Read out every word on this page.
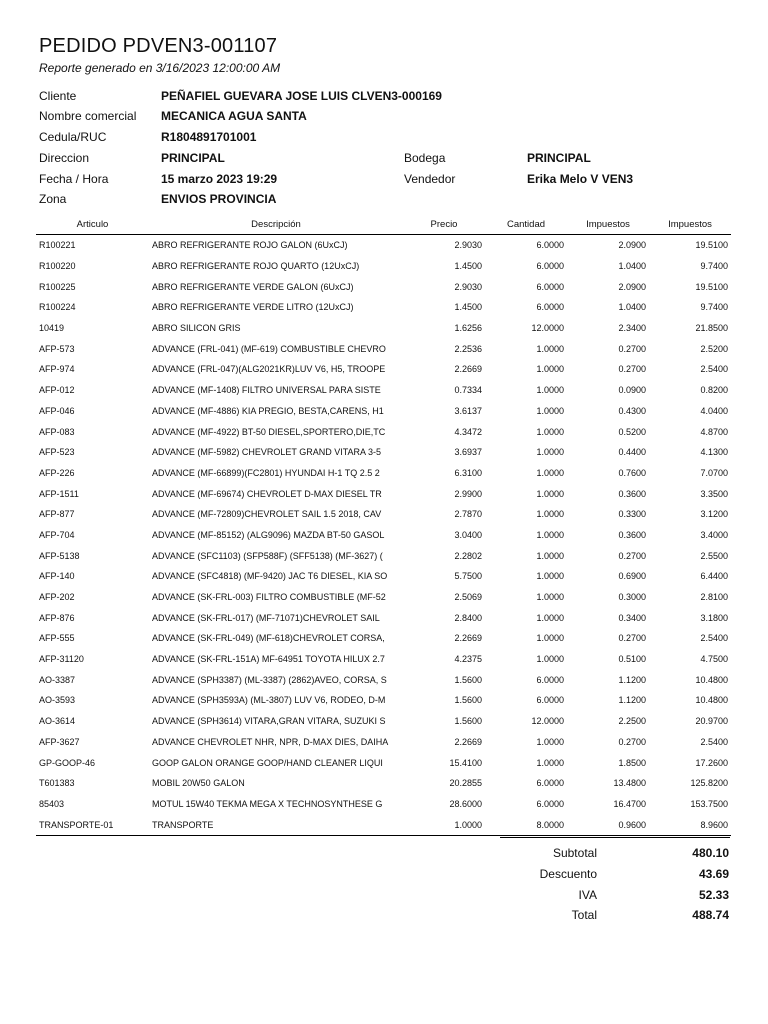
PEDIDO PDVEN3-001107
Reporte generado en 3/16/2023 12:00:00 AM
Cliente	PEÑAFIEL GUEVARA JOSE LUIS CLVEN3-000169
Nombre comercial MECANICA AGUA SANTA
Cedula/RUC	R1804891701001
Direccion	PRINCIPAL	Bodega	PRINCIPAL
Fecha / Hora	15 marzo 2023 19:29	Vendedor	Erika Melo V VEN3
Zona	ENVIOS PROVINCIA
Articulo	Descripción	Precio	Cantidad	Impuestos	Impuestos
R100221	ABRO REFRIGERANTE ROJO GALON (6UxCJ)	2.9030	6.0000	2.0900	19.5100
R100220	ABRO REFRIGERANTE ROJO QUARTO (12UxCJ)	1.4500	6.0000	1.0400	9.7400
R100225	ABRO REFRIGERANTE VERDE GALON (6UxCJ)	2.9030	6.0000	2.0900	19.5100
R100224	ABRO REFRIGERANTE VERDE LITRO (12UxCJ)	1.4500	6.0000	1.0400	9.7400
10419	ABRO SILICON GRIS	1.6256	12.0000	2.3400	21.8500
AFP-573	ADVANCE (FRL-041) (MF-619) COMBUSTIBLE CHEVRO	2.2536	1.0000	0.2700	2.5200
AFP-974	ADVANCE (FRL-047)(ALG2021KR)LUV V6, H5, TROOPE	2.2669	1.0000	0.2700	2.5400
AFP-012	ADVANCE (MF-1408) FILTRO UNIVERSAL PARA SISTE	0.7334	1.0000	0.0900	0.8200
AFP-046	ADVANCE (MF-4886) KIA PREGIO, BESTA,CARENS, H1	3.6137	1.0000	0.4300	4.0400
AFP-083	ADVANCE (MF-4922) BT-50 DIESEL,SPORTERO,DIE,TC	4.3472	1.0000	0.5200	4.8700
AFP-523	ADVANCE (MF-5982) CHEVROLET GRAND VITARA 3-5	3.6937	1.0000	0.4400	4.1300
AFP-226	ADVANCE (MF-66899)(FC2801) HYUNDAI H-1 TQ 2.5 2	6.3100	1.0000	0.7600	7.0700
AFP-1511	ADVANCE (MF-69674) CHEVROLET D-MAX DIESEL TR	2.9900	1.0000	0.3600	3.3500
AFP-877	ADVANCE (MF-72809)CHEVROLET SAIL 1.5 2018, CAV	2.7870	1.0000	0.3300	3.1200
AFP-704	ADVANCE (MF-85152) (ALG9096) MAZDA BT-50 GASOL	3.0400	1.0000	0.3600	3.4000
AFP-5138	ADVANCE (SFC1103) (SFP588F) (SFF5138) (MF-3627) (	2.2802	1.0000	0.2700	2.5500
AFP-140	ADVANCE (SFC4818) (MF-9420) JAC T6 DIESEL, KIA SO	5.7500	1.0000	0.6900	6.4400
AFP-202	ADVANCE (SK-FRL-003) FILTRO COMBUSTIBLE (MF-52	2.5069	1.0000	0.3000	2.8100
AFP-876	ADVANCE (SK-FRL-017) (MF-71071)CHEVROLET SAIL	2.8400	1.0000	0.3400	3.1800
AFP-555	ADVANCE (SK-FRL-049) (MF-618)CHEVROLET CORSA,	2.2669	1.0000	0.2700	2.5400
AFP-31120	ADVANCE (SK-FRL-151A) MF-64951 TOYOTA HILUX 2.7	4.2375	1.0000	0.5100	4.7500
AO-3387	ADVANCE (SPH3387) (ML-3387) (2862)AVEO, CORSA, S	1.5600	6.0000	1.1200	10.4800
AO-3593	ADVANCE (SPH3593A) (ML-3807) LUV V6, RODEO, D-M	1.5600	6.0000	1.1200	10.4800
AO-3614	ADVANCE (SPH3614) VITARA,GRAN VITARA, SUZUKI S	1.5600	12.0000	2.2500	20.9700
AFP-3627	ADVANCE CHEVROLET NHR, NPR, D-MAX DIES, DAIHA	2.2669	1.0000	0.2700	2.5400
GP-GOOP-46	GOOP GALON ORANGE GOOP/HAND CLEANER LIQUI	15.4100	1.0000	1.8500	17.2600
T601383	MOBIL 20W50 GALON	20.2855	6.0000	13.4800	125.8200
85403	MOTUL 15W40 TEKMA MEGA X TECHNOSYNTHESE G	28.6000	6.0000	16.4700	153.7500
TRANSPORTE-01	TRANSPORTE	1.0000	8.0000	0.9600	8.9600
Subtotal	480.10
Descuento	43.69
IVA	52.33
Total	488.74
